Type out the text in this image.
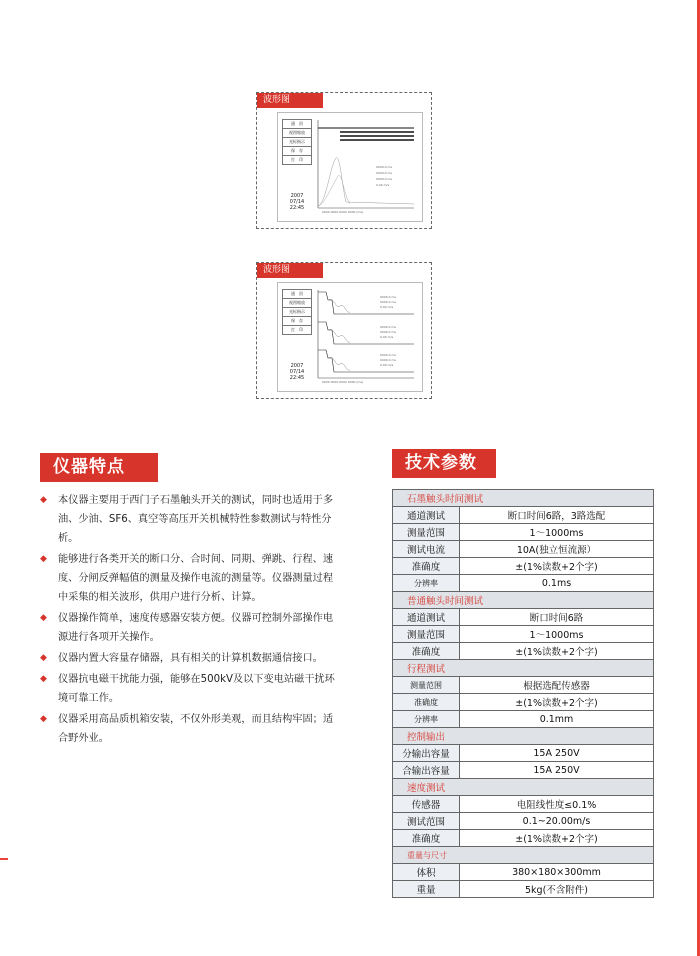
波形图
通　回
视图缩放
光标指示
保　存
打　印
2007
07/14
22:45
0000.0 ms
0000.0 ms
0000.0 ms
0.00 m/s
0000 0000 0000 0000 (ms)
波形图
通　回
视图缩放
光标指示
保　存
打　印
2007
07/14
22:45
0000.0 ms
0000.0 ms
0.00 m/s
0000.0 ms
0000.0 ms
0.00 m/s
0000.0 ms
0000.0 ms
0.00 m/s
0000 0000 0000 0000 (ms)
仪器特点
◆ 本仪器主要用于西门子石墨触头开关的测试，同时也适用于多油、少油、SF6、真空等高压开关机械特性参数测试与特性分析。
◆ 能够进行各类开关的断口分、合时间、同期、弹跳、行程、速度、分闸反弹幅值的测量及操作电流的测量等。仪器测量过程中采集的相关波形，供用户进行分析、计算。
◆ 仪器操作简单，速度传感器安装方便。仪器可控制外部操作电源进行各项开关操作。
◆ 仪器内置大容量存储器，具有相关的计算机数据通信接口。
◆ 仪器抗电磁干扰能力强，能够在500kV及以下变电站磁干扰环境可靠工作。
◆ 仪器采用高品质机箱安装，不仅外形美观，而且结构牢固；适合野外业。
技术参数
石墨触头时间测试	
通道测试	断口时间6路，3路选配
测量范围	1～1000ms
测试电流	10A(独立恒流源）
准确度	±(1%读数+2个字)
分辨率	0.1ms
普通触头时间测试	
通道测试	断口时间6路
测量范围	1～1000ms
准确度	±(1%读数+2个字)
行程测试	
测量范围	根据选配传感器
准确度	±(1%读数+2个字)
分辨率	0.1mm
控制输出	
分输出容量	15A 250V
合输出容量	15A 250V
速度测试	
传感器	电阻线性度≤0.1%
测试范围	0.1~20.00m/s
准确度	±(1%读数+2个字)
重量与尺寸	
体积	380×180×300mm
重量	5kg(不含附件)
